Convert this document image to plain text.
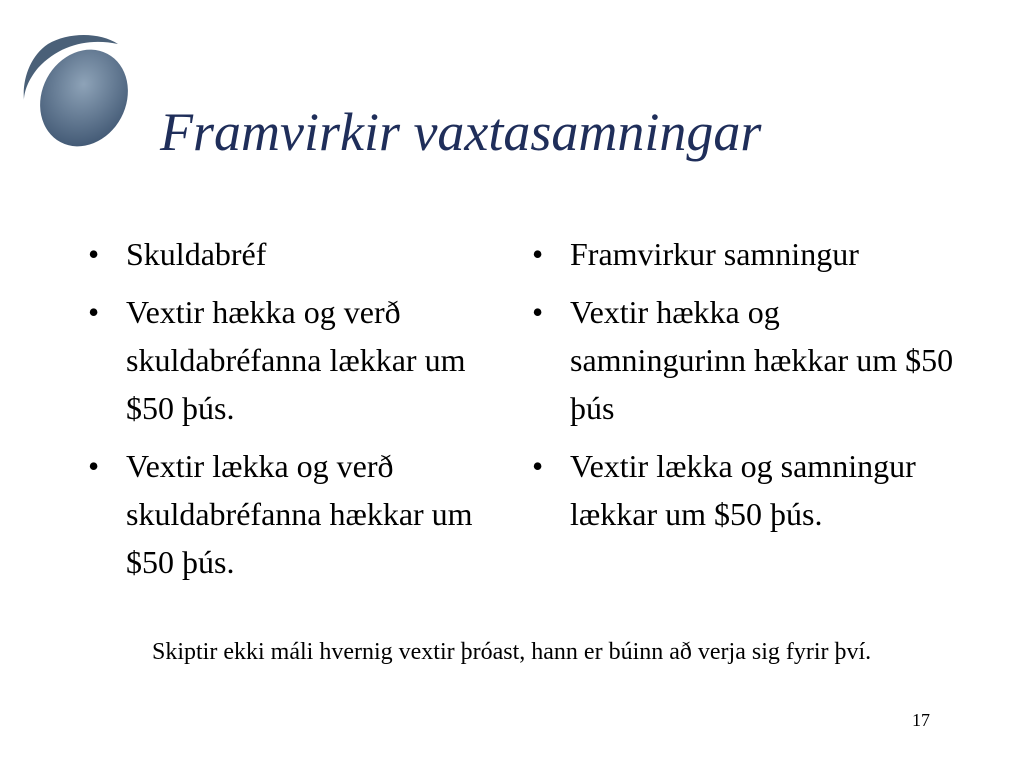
Framvirkir vaxtasamningar
• Skuldabréf
• Vextir hækka og verð skuldabréfanna lækkar um $50 þús.
• Vextir lækka og verð skuldabréfanna hækkar um $50 þús.
• Framvirkur samningur
• Vextir hækka og samningurinn hækkar um $50 þús
• Vextir lækka og samningur lækkar um $50 þús.

Skiptir ekki máli hvernig vextir þróast, hann er búinn að verja sig fyrir því.

17
